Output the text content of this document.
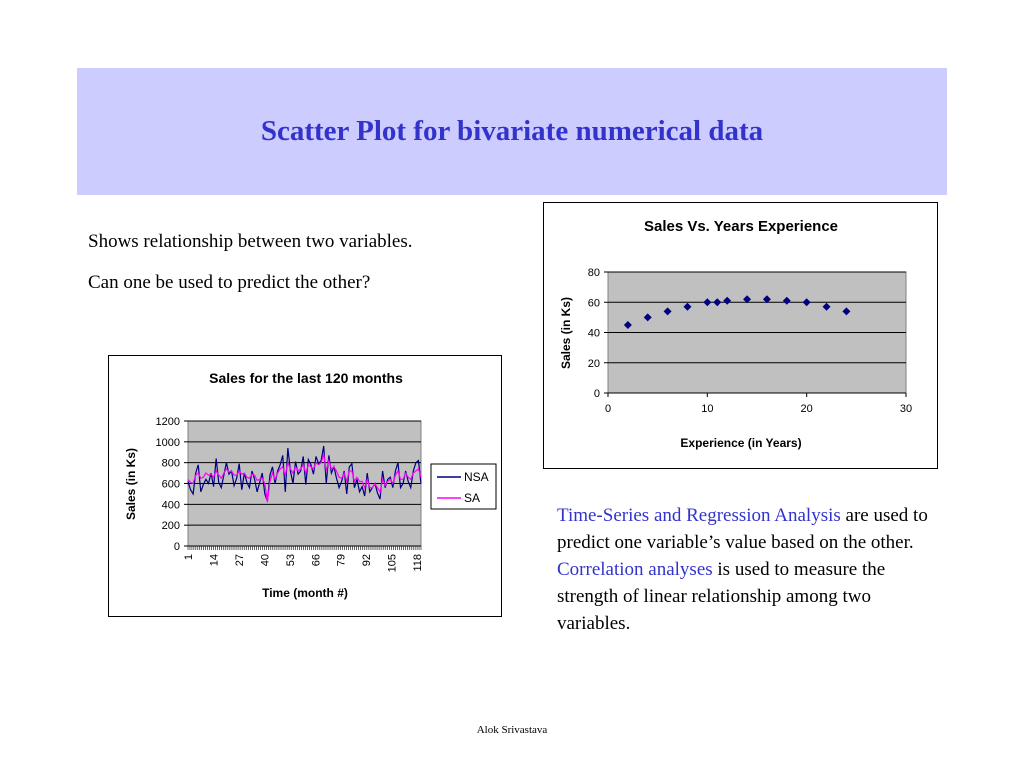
Scatter Plot for bivariate numerical data
Shows relationship between two variables.
Can one be used to predict the other?
Sales Vs. Years Experience
0
20
40
60
80
0	10	20	30
Experience (in Years)
Sales (in Ks)
Sales for the last 120 months
0
200
400
600
800
1000
1200
1 14 27 40 53 66 79 92 105 118
Time (month #)
Sales (in Ks)	NSA
SA
Time-Series and Regression Analysis are used to predict one variable’s value based on the other. Correlation analyses is used to measure the strength of linear relationship among two variables.
Alok Srivastava
